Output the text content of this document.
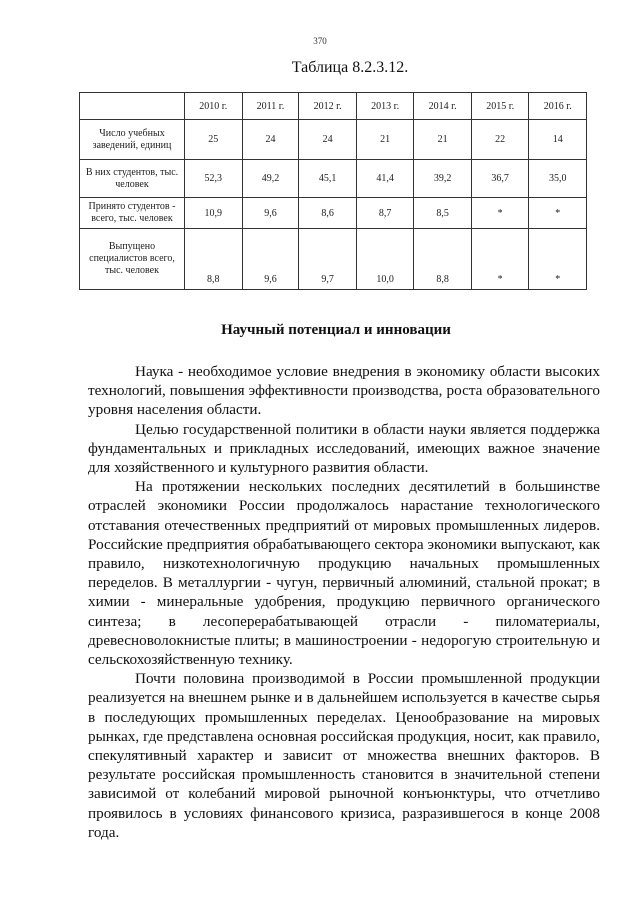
370
Таблица 8.2.3.12.
	2010 г.	2011 г.	2012 г.	2013 г.	2014 г.	2015 г.	2016 г.
Число учебных заведений, единиц	25	24	24	21	21	22	14
В них студентов, тыс. человек	52,3	49,2	45,1	41,4	39,2	36,7	35,0
Принято студентов - всего, тыс. человек	10,9	9,6	8,6	8,7	8,5	*	*
Выпущено специалистов всего, тыс. человек	8,8	9,6	9,7	10,0	8,8	*	*
Научный потенциал и инновации

Наука - необходимое условие внедрения в экономику области высоких технологий, повышения эффективности производства, роста образовательного уровня населения области.

Целью государственной политики в области науки является поддержка фундаментальных и прикладных исследований, имеющих важное значение для хозяйственного и культурного развития области.

На протяжении нескольких последних десятилетий в большинстве отраслей экономики России продолжалось нарастание технологического отставания отечественных предприятий от мировых промышленных лидеров. Российские предприятия обрабатывающего сектора экономики выпускают, как правило, низкотехнологичную продукцию начальных промышленных переделов. В металлургии - чугун, первичный алюминий, стальной прокат; в химии - минеральные удобрения, продукцию первичного органического синтеза; в лесоперерабатывающей отрасли - пиломатериалы, древесноволокнистые плиты; в машиностроении - недорогую строительную и сельскохозяйственную технику.

Почти половина производимой в России промышленной продукции реализуется на внешнем рынке и в дальнейшем используется в качестве сырья в последующих промышленных переделах. Ценообразование на мировых рынках, где представлена основная российская продукция, носит, как правило, спекулятивный характер и зависит от множества внешних факторов. В результате российская промышленность становится в значительной степени зависимой от колебаний мировой рыночной конъюнктуры, что отчетливо проявилось в условиях финансового кризиса, разразившегося в конце 2008 года.
